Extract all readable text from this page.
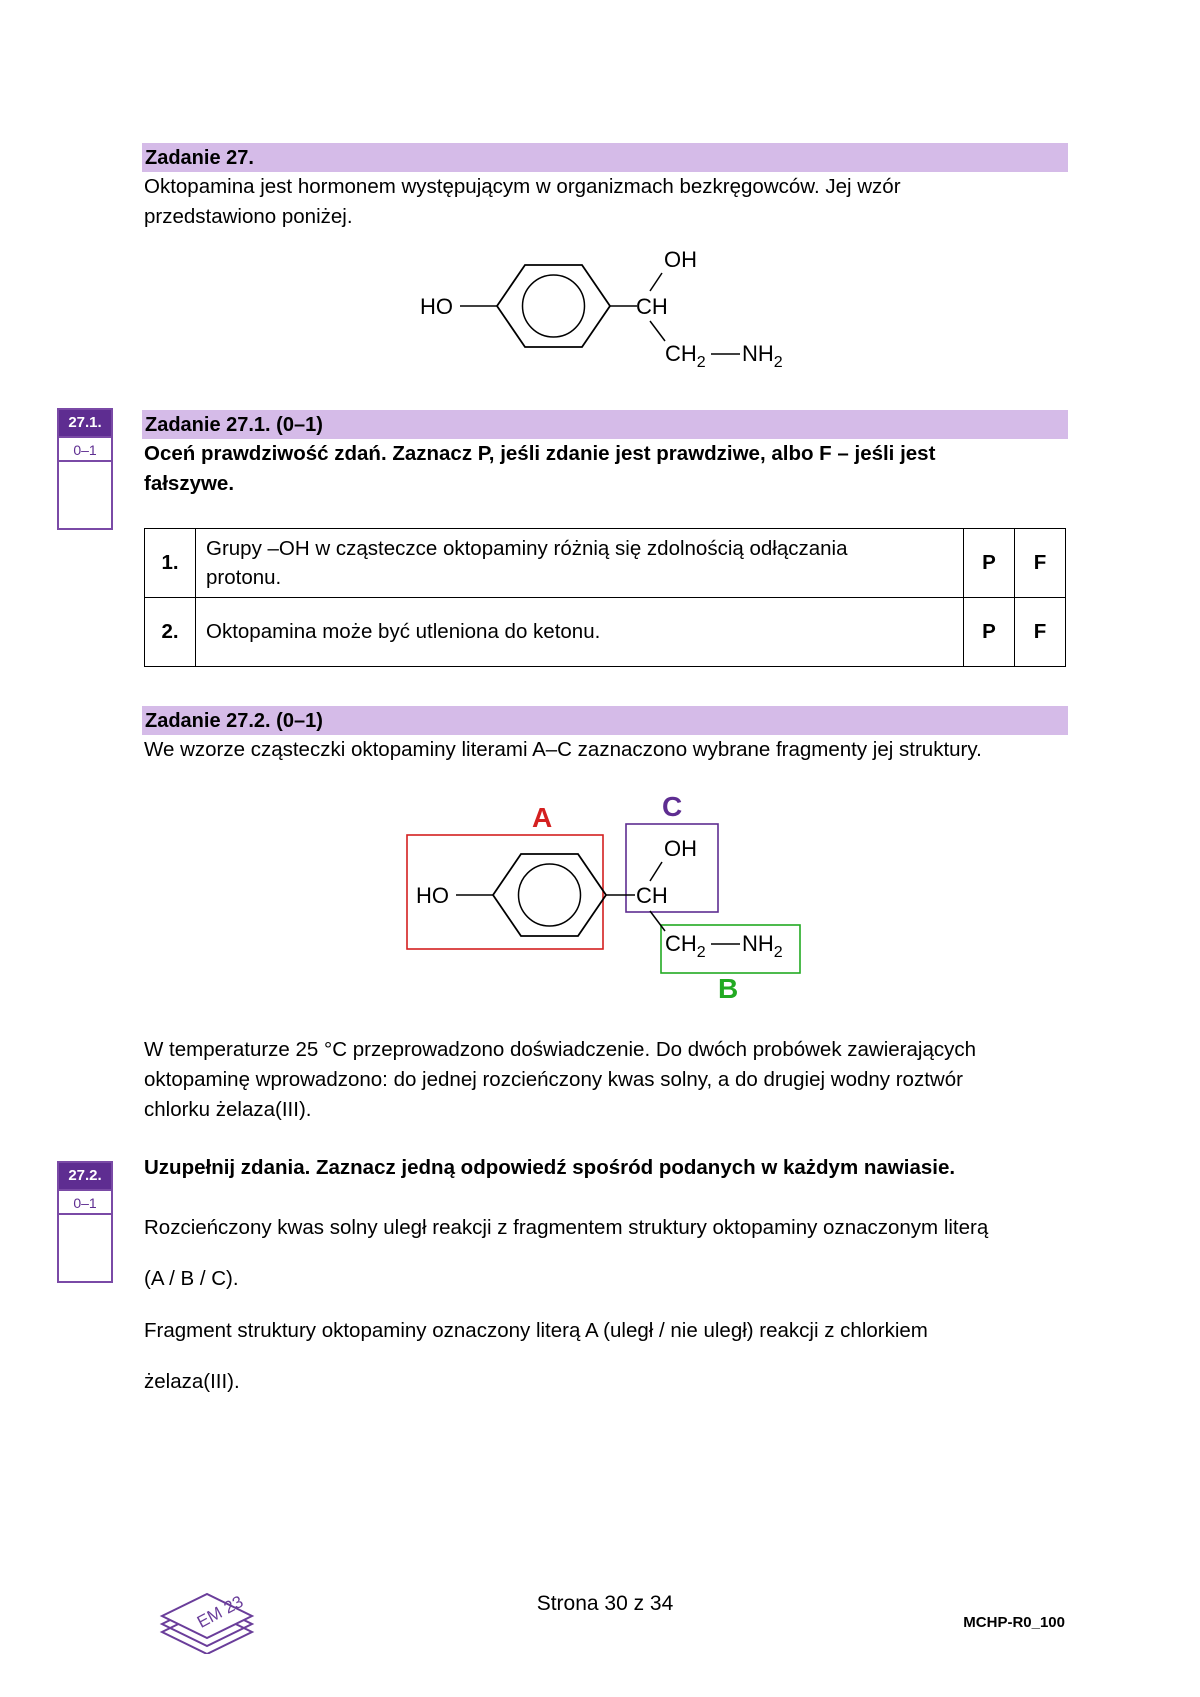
Zadanie 27.
Oktopamina jest hormonem występującym w organizmach bezkręgowców. Jej wzór
przedstawiono poniżej.
HO
OH
CH
$CH_2$ $NH_2$
27.1.
0–1
Zadanie 27.1. (0–1)
Oceń prawdziwość zdań. Zaznacz P, jeśli zdanie jest prawdziwe, albo F – jeśli jest
fałszywe.
1.	Grupy –OH w cząsteczce oktopaminy różnią się zdolnością odłączania
protonu.	P	F
2.	Oktopamina może być utleniona do ketonu.	P	F
Zadanie 27.2. (0–1)
We wzorze cząsteczki oktopaminy literami A–C zaznaczono wybrane fragmenty jej struktury.
A	C
B
HO
OH
CH
$CH_2$ $NH_2$
W temperaturze 25 °C przeprowadzono doświadczenie. Do dwóch probówek zawierających
oktopaminę wprowadzono: do jednej rozcieńczony kwas solny, a do drugiej wodny roztwór
chlorku żelaza(III).
27.2.
0–1
Uzupełnij zdania. Zaznacz jedną odpowiedź spośród podanych w każdym nawiasie.
Rozcieńczony kwas solny uległ reakcji z fragmentem struktury oktopaminy oznaczonym literą
(A / B / C).
Fragment struktury oktopaminy oznaczony literą A (uległ / nie uległ) reakcji z chlorkiem
żelaza(III).
EM 23	Strona 30 z 34
MCHP-R0_100
